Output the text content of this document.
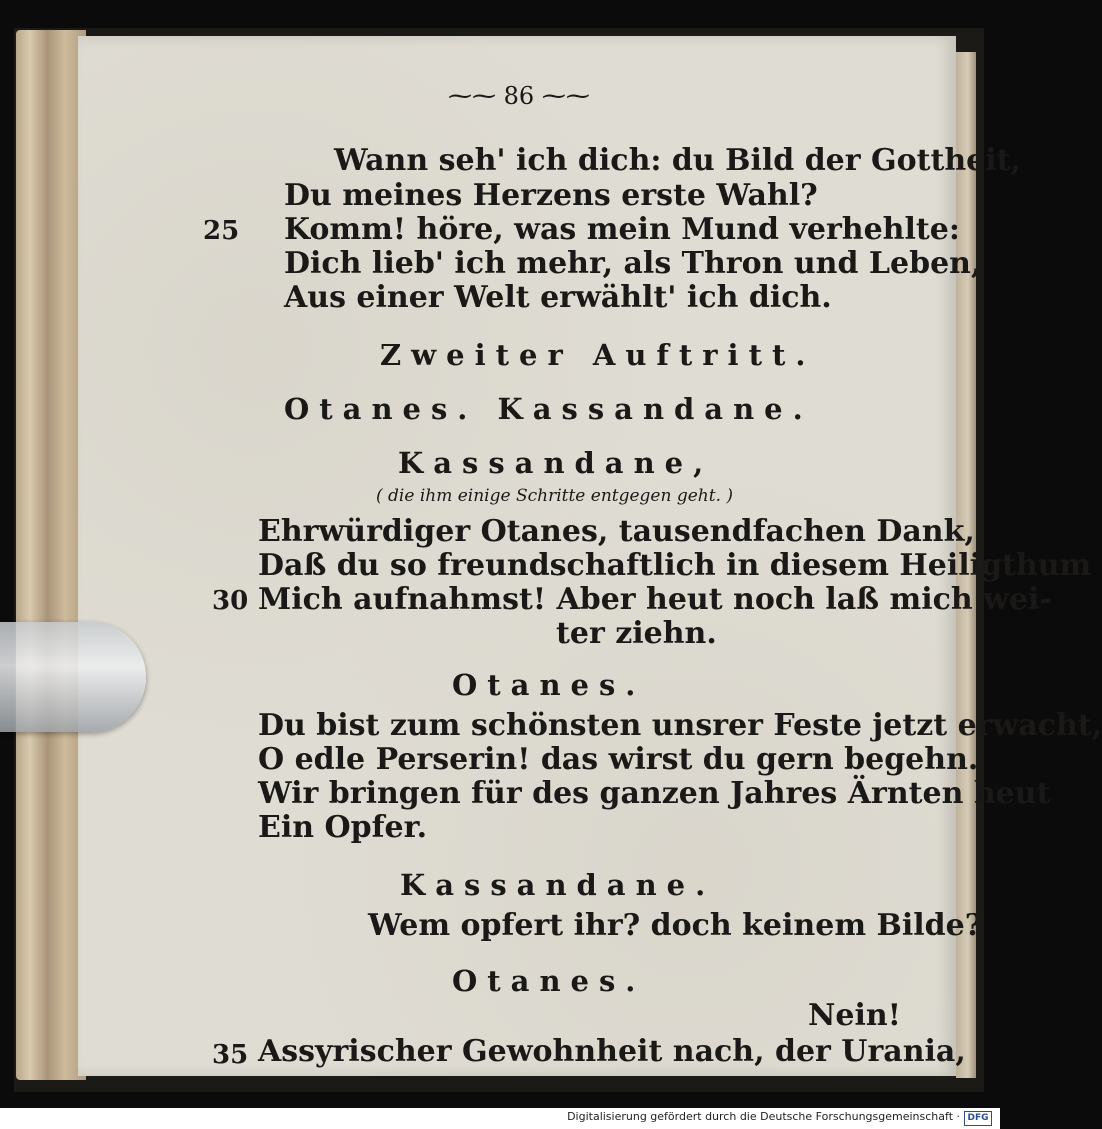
⁓⁓ 86 ⁓⁓
Wann seh' ich dich: du Bild der Gottheit,
Du meines Herzens erste Wahl?
25 Komm! höre, was mein Mund verhehlte:
Dich lieb' ich mehr, als Thron und Leben,
Aus einer Welt erwählt' ich dich.
Zweiter Auftritt.
Otanes. Kassandane.
Kassandane,
( die ihm einige Schritte entgegen geht. )
Ehrwürdiger Otanes, tausendfachen Dank,
Daß du so freundschaftlich in diesem Heiligthum
30 Mich aufnahmst! Aber heut noch laß mich wei-
ter ziehn.
Otanes.
Du bist zum schönsten unsrer Feste jetzt erwacht,
O edle Perserin! das wirst du gern begehn.
Wir bringen für des ganzen Jahres Ärnten heut
Ein Opfer.
Kassandane.
Wem opfert ihr? doch keinem Bilde?
Otanes.
Nein!
35 Assyrischer Gewohnheit nach, der Urania,
Digitalisierung gefördert durch die Deutsche Forschungsgemeinschaft · DFG
